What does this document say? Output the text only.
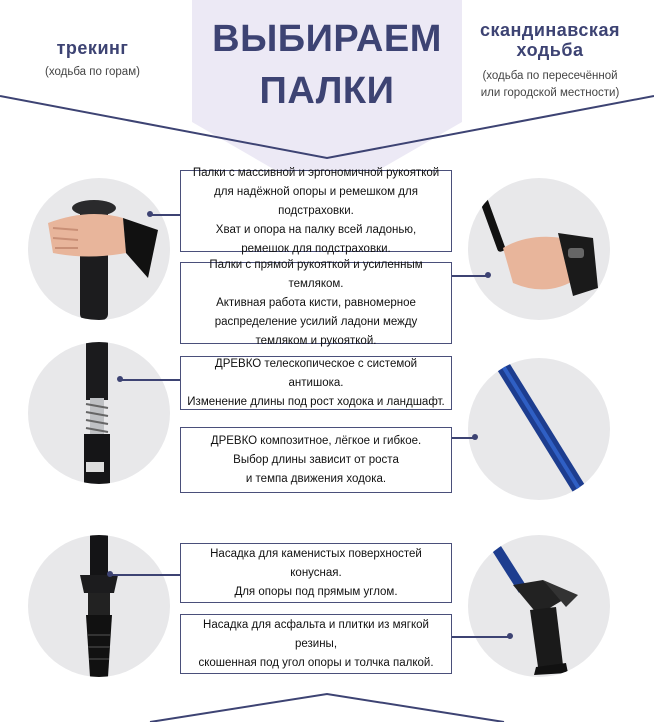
ВЫБИРАЕМ
ПАЛКИ
трекинг
(ходьба по горам)
скандинавская
ходьба
(ходьба по пересечённой
или городской местности)
Палки с массивной и эргономичной рукояткой
для надёжной опоры и ремешком для подстраховки.
Хват и опора на палку всей ладонью,
ремешок для подстраховки.
Палки с прямой рукояткой и усиленным темляком.
Активная работа кисти, равномерное
распределение усилий ладони между
темляком и рукояткой.
ДРЕВКО телескопическое с системой антишока.
Изменение длины под рост ходока и ландшафт.
ДРЕВКО композитное, лёгкое и гибкое.
Выбор длины зависит от роста
и темпа движения ходока.
Насадка для каменистых поверхностей конусная.
Для опоры под прямым углом.
Насадка для асфальта и плитки из мягкой резины,
скошенная под угол опоры и толчка палкой.
